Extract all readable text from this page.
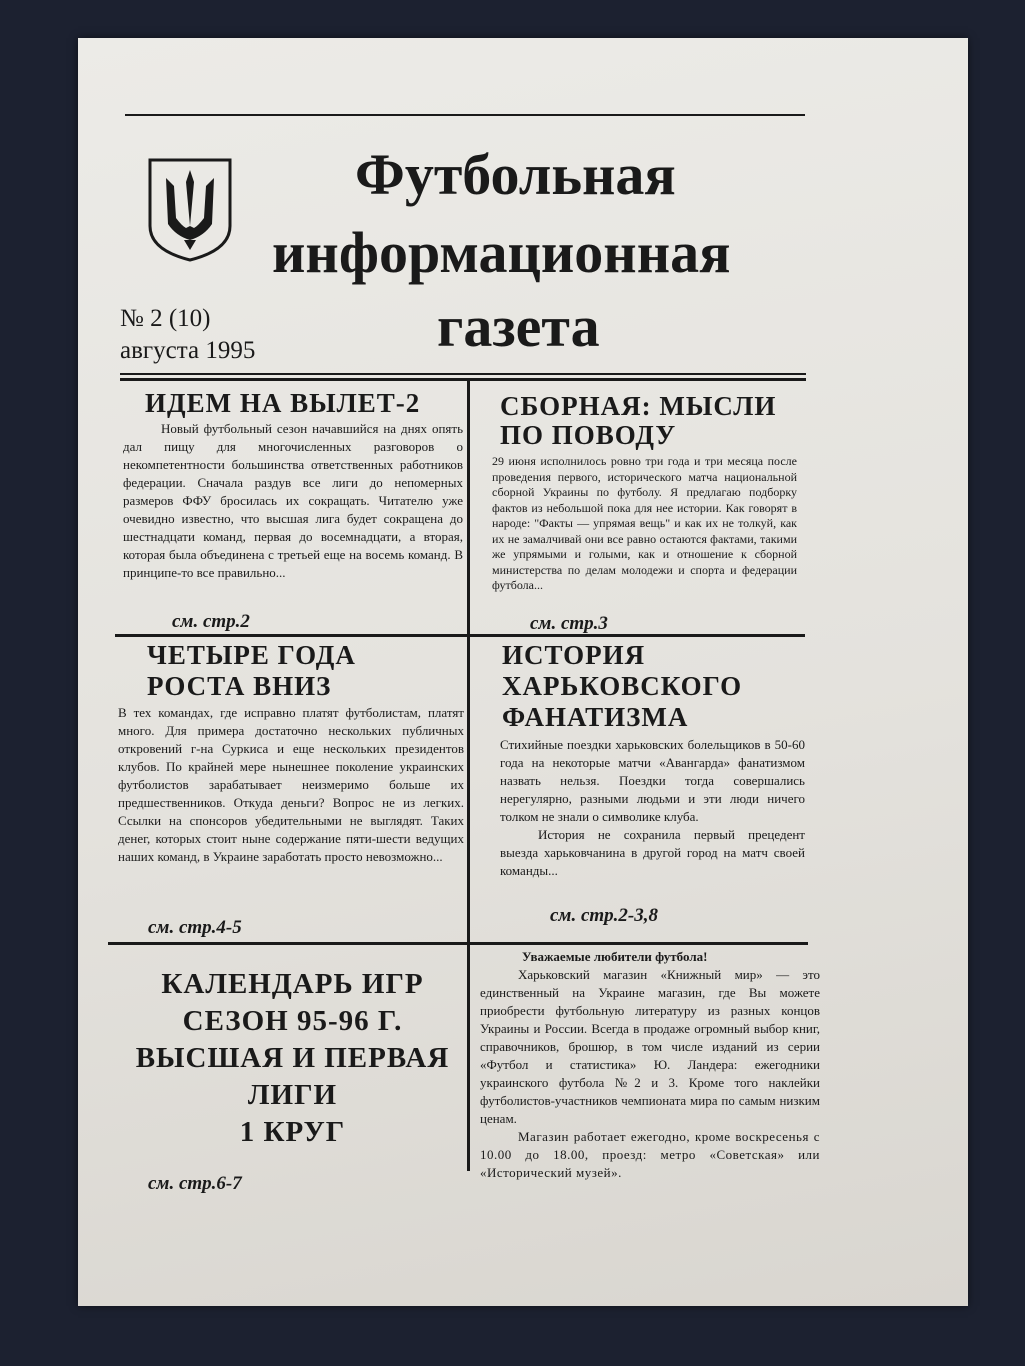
Футбольная
информационная
газета
№ 2 (10)
августа 1995
ИДЕМ НА ВЫЛЕТ-2

Новый футбольный сезон начавшийся на днях опять дал пищу для многочисленных разговоров о некомпетентности большинства ответственных работников федерации. Сначала раздув все лиги до непомерных размеров ФФУ бросилась их сокращать. Читателю уже очевидно известно, что высшая лига будет сокращена до шестнадцати команд, первая до восемнадцати, а вторая, которая была объединена с третьей еще на восемь команд. В принципе-то все правильно...

см. стр.2
СБОРНАЯ: МЫСЛИ
ПО ПОВОДУ

29 июня исполнилось ровно три года и три месяца после проведения первого, исторического матча национальной сборной Украины по футболу. Я предлагаю подборку фактов из небольшой пока для нее истории. Как говорят в народе: "Факты — упрямая вещь" и как их не толкуй, как их не замалчивай они все равно остаются фактами, такими же упрямыми и голыми, как и отношение к сборной министерства по делам молодежи и спорта и федерации футбола...

см. стр.3
ЧЕТЫРЕ ГОДА
РОСТА ВНИЗ

В тех командах, где исправно платят футболистам, платят много. Для примера достаточно нескольких публичных откровений г-на Суркиса и еще нескольких президентов клубов. По крайней мере нынешнее поколение украинских футболистов зарабатывает неизмеримо больше их предшественников. Откуда деньги? Вопрос не из легких. Ссылки на спонсоров убедительными не выглядят. Таких денег, которых стоит ныне содержание пяти-шести ведущих наших команд, в Украине заработать просто невозможно...

см. стр.4-5
ИСТОРИЯ
ХАРЬКОВСКОГО
ФАНАТИЗМА

Стихийные поездки харьковских болельщиков в 50-60 года на некоторые матчи «Авангарда» фанатизмом назвать нельзя. Поездки тогда совершались нерегулярно, разными людьми и эти люди ничего толком не знали о символике клуба.

История не сохранила первый прецедент выезда харьковчанина в другой город на матч своей команды...

см. стр.2-3,8
КАЛЕНДАРЬ ИГР
СЕЗОН 95-96 Г.
ВЫСШАЯ И ПЕРВАЯ
ЛИГИ
1 КРУГ
см. стр.6-7

Уважаемые любители футбола!

Харьковский магазин «Книжный мир» — это единственный на Украине магазин, где Вы можете приобрести футбольную литературу из разных концов Украины и России. Всегда в продаже огромный выбор книг, справочников, брошюр, в том числе изданий из серии «Футбол и статистика» Ю. Ландера: ежегодники украинского футбола №2 и 3. Кроме того наклейки футболистов-участников чемпионата мира по самым низким ценам.

Магазин работает ежегодно, кроме воскресенья с 10.00 до 18.00, проезд: метро «Советская» или «Исторический музей».
